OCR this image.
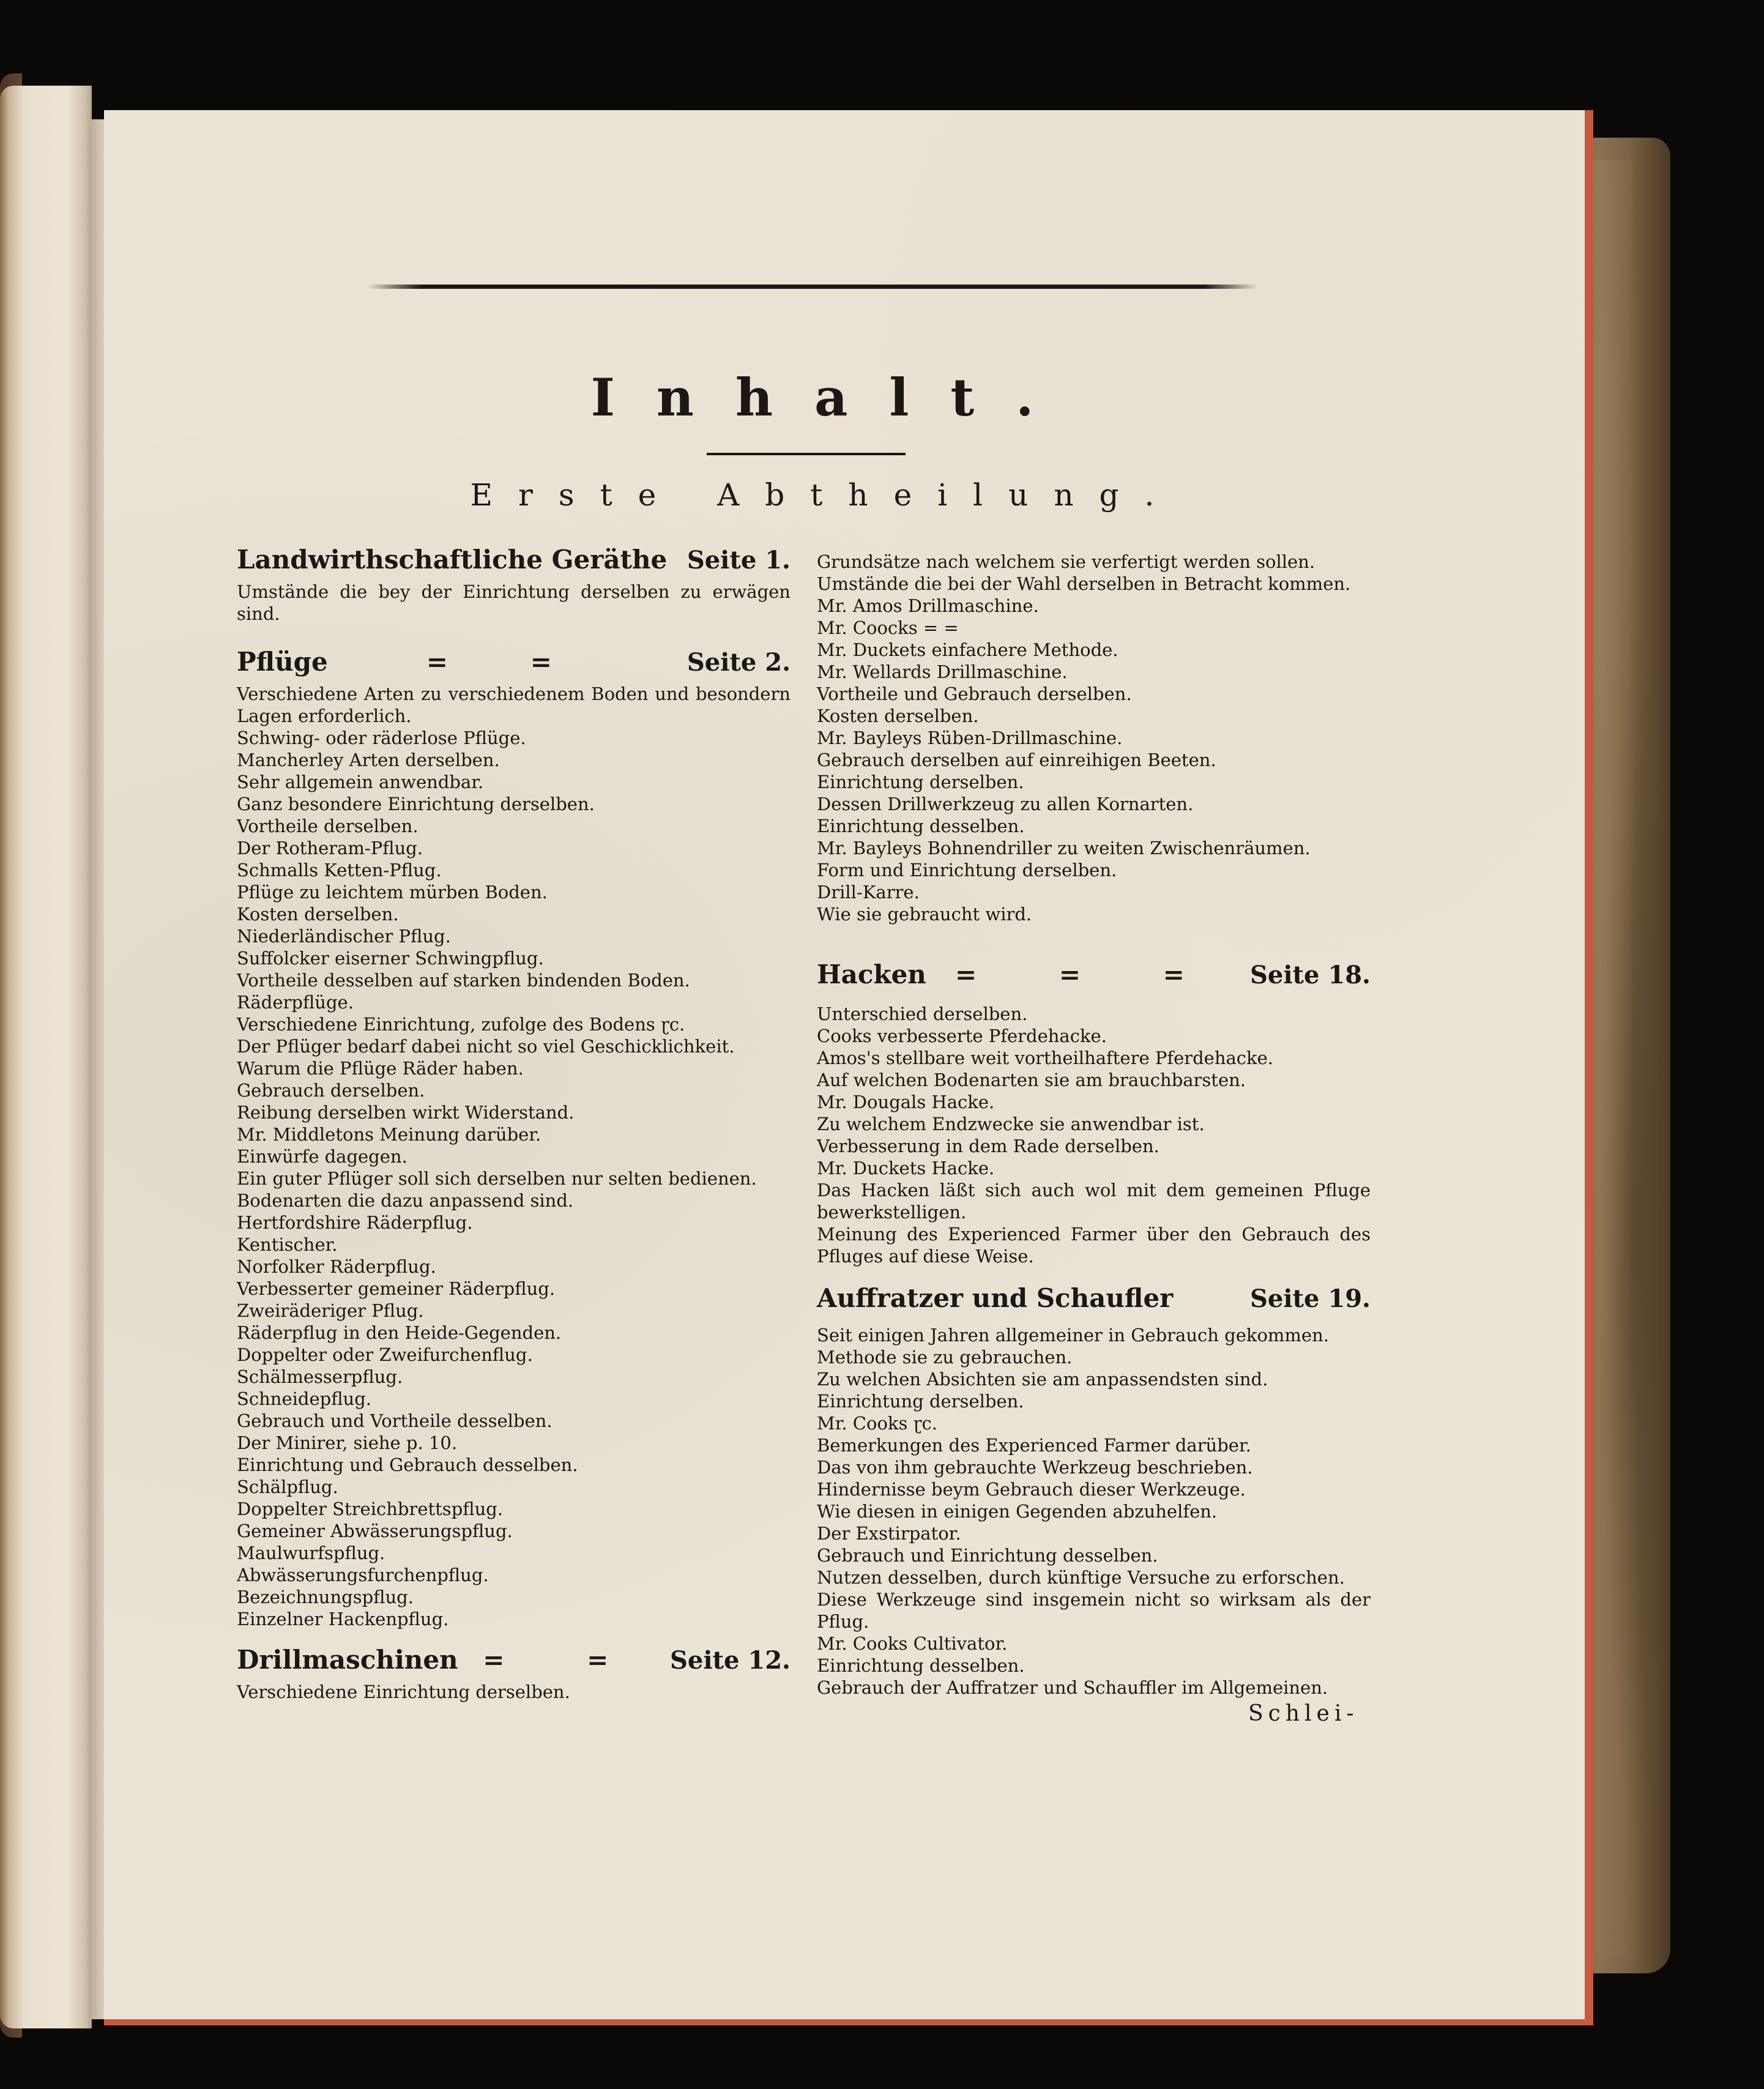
Inhalt.
Erste Abtheilung.
Landwirthschaftliche Geräthe Seite 1.
Umstände die bey der Einrichtung derselben zu erwägen sind.
Pflüge	= =	Seite 2.
Verschiedene Arten zu verschiedenem Boden und besondern Lagen erforderlich.
Schwing- oder räderlose Pflüge.
Mancherley Arten derselben.
Sehr allgemein anwendbar.
Ganz besondere Einrichtung derselben.
Vortheile derselben.
Der Rotheram-Pflug.
Schmalls Ketten-Pflug.
Pflüge zu leichtem mürben Boden.
Kosten derselben.
Niederländischer Pflug.
Suffolcker eiserner Schwingpflug.
Vortheile desselben auf starken bindenden Boden.
Räderpflüge.
Verschiedene Einrichtung, zufolge des Bodens ɽc.
Der Pflüger bedarf dabei nicht so viel Geschicklichkeit.
Warum die Pflüge Räder haben.
Gebrauch derselben.
Reibung derselben wirkt Widerstand.
Mr. Middletons Meinung darüber.
Einwürfe dagegen.
Ein guter Pflüger soll sich derselben nur selten bedienen.
Bodenarten die dazu anpassend sind.
Hertfordshire Räderpflug.
Kentischer.
Norfolker Räderpflug.
Verbesserter gemeiner Räderpflug.
Zweiräderiger Pflug.
Räderpflug in den Heide-Gegenden.
Doppelter oder Zweifurchenflug.
Schälmesserpflug.
Schneidepflug.
Gebrauch und Vortheile desselben.
Der Minirer, siehe p. 10.
Einrichtung und Gebrauch desselben.
Schälpflug.
Doppelter Streichbrettspflug.
Gemeiner Abwässerungspflug.
Maulwurfspflug.
Abwässerungsfurchenpflug.
Bezeichnungspflug.
Einzelner Hackenpflug.
Drillmaschinen = = Seite 12.
Verschiedene Einrichtung derselben.
Grundsätze nach welchem sie verfertigt werden sollen.
Umstände die bei der Wahl derselben in Betracht kommen.
Mr. Amos Drillmaschine.
Mr. Coocks = =
Mr. Duckets einfachere Methode.
Mr. Wellards Drillmaschine.
Vortheile und Gebrauch derselben.
Kosten derselben.
Mr. Bayleys Rüben-Drillmaschine.
Gebrauch derselben auf einreihigen Beeten.
Einrichtung derselben.
Dessen Drillwerkzeug zu allen Kornarten.
Einrichtung desselben.
Mr. Bayleys Bohnendriller zu weiten Zwischenräumen.
Form und Einrichtung derselben.
Drill-Karre.
Wie sie gebraucht wird.
Hacken = = = Seite 18.
Unterschied derselben.
Cooks verbesserte Pferdehacke.
Amos's stellbare weit vortheilhaftere Pferdehacke.
Auf welchen Bodenarten sie am brauchbarsten.
Mr. Dougals Hacke.
Zu welchem Endzwecke sie anwendbar ist.
Verbesserung in dem Rade derselben.
Mr. Duckets Hacke.
Das Hacken läßt sich auch wol mit dem gemeinen Pfluge bewerkstelligen.
Meinung des Experienced Farmer über den Gebrauch des Pfluges auf diese Weise.
Auffratzer und Schaufler	Seite 19.
Seit einigen Jahren allgemeiner in Gebrauch gekommen.
Methode sie zu gebrauchen.
Zu welchen Absichten sie am anpassendsten sind.
Einrichtung derselben.
Mr. Cooks ɽc.
Bemerkungen des Experienced Farmer darüber.
Das von ihm gebrauchte Werkzeug beschrieben.
Hindernisse beym Gebrauch dieser Werkzeuge.
Wie diesen in einigen Gegenden abzuhelfen.
Der Exstirpator.
Gebrauch und Einrichtung desselben.
Nutzen desselben, durch künftige Versuche zu erforschen.
Diese Werkzeuge sind insgemein nicht so wirksam als der Pflug.
Mr. Cooks Cultivator.
Einrichtung desselben.
Gebrauch der Auffratzer und Schauffler im Allgemeinen.
Schlei-
